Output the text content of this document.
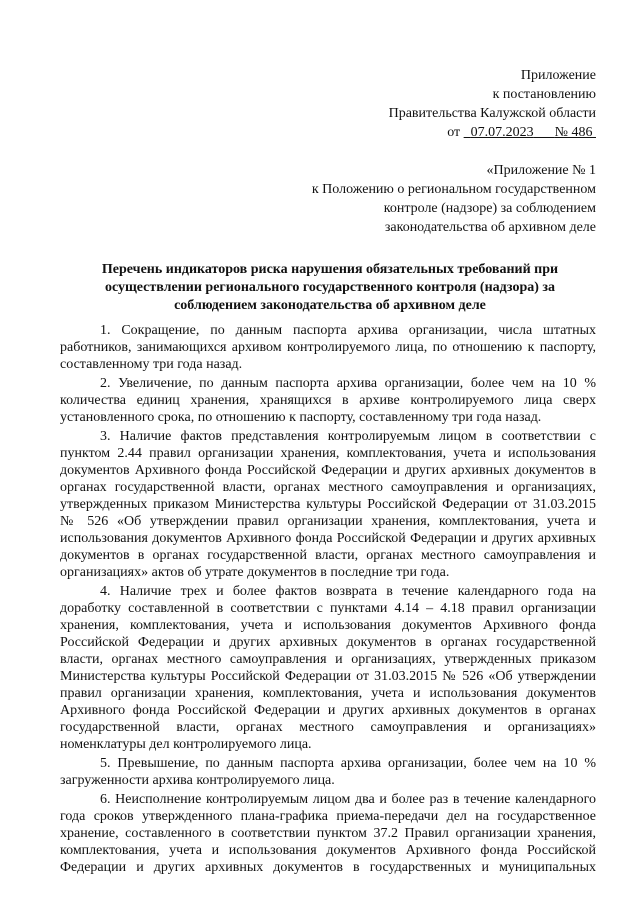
Приложение
к постановлению
Правительства Калужской области
от   07.07.2023 № 486
«Приложение № 1
к Положению о региональном государственном
контроле (надзоре) за соблюдением
законодательства об архивном деле
Перечень индикаторов риска нарушения обязательных требований при
осуществлении регионального государственного контроля (надзора) за
соблюдением законодательства об архивном деле

1. Сокращение, по данным паспорта архива организации, числа штатных работников, занимающихся архивом контролируемого лица, по отношению к паспорту, составленному три года назад.

2. Увеличение, по данным паспорта архива организации, более чем на 10 % количества единиц хранения, хранящихся в архиве контролируемого лица сверх установленного срока, по отношению к паспорту, составленному три года назад.

3. Наличие фактов представления контролируемым лицом в соответствии с пунктом 2.44 правил организации хранения, комплектования, учета и использования документов Архивного фонда Российской Федерации и других архивных документов в органах государственной власти, органах местного самоуправления и организациях, утвержденных приказом Министерства культуры Российской Федерации от 31.03.2015 № 526 «Об утверждении правил организации хранения, комплектования, учета и использования документов Архивного фонда Российской Федерации и других архивных документов в органах государственной власти, органах местного самоуправления и организациях» актов об утрате документов в последние три года.

4. Наличие трех и более фактов возврата в течение календарного года на доработку составленной в соответствии с пунктами 4.14 – 4.18 правил организации хранения, комплектования, учета и использования документов Архивного фонда Российской Федерации и других архивных документов в органах государственной власти, органах местного самоуправления и организациях, утвержденных приказом Министерства культуры Российской Федерации от 31.03.2015 № 526 «Об утверждении правил организации хранения, комплектования, учета и использования документов Архивного фонда Российской Федерации и других архивных документов в органах государственной власти, органах местного самоуправления и организациях» номенклатуры дел контролируемого лица.

5. Превышение, по данным паспорта архива организации, более чем на 10 % загруженности архива контролируемого лица.

6. Неисполнение контролируемым лицом два и более раз в течение календарного года сроков утвержденного плана-графика приема-передачи дел на государственное хранение, составленного в соответствии пунктом 37.2 Правил организации хранения, комплектования, учета и использования документов Архивного фонда Российской Федерации и других архивных документов в государственных и муниципальных
